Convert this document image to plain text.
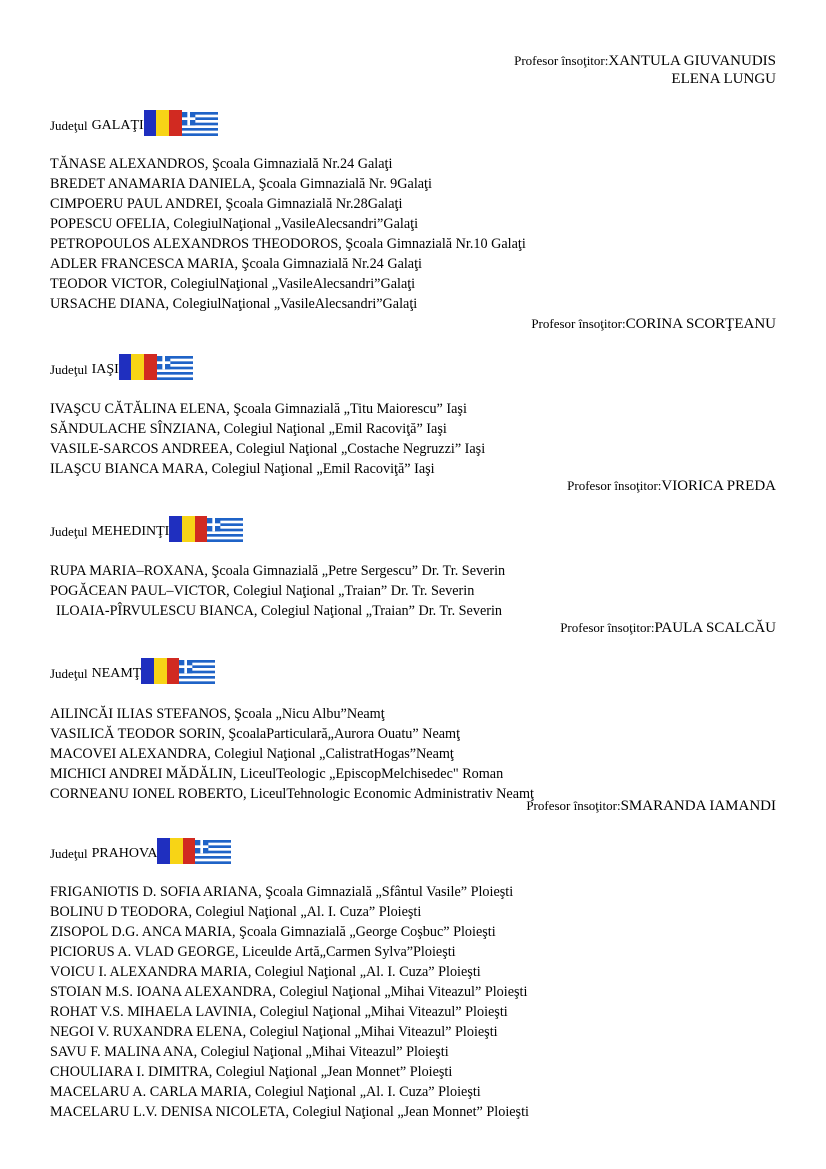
Profesor însoţitor:XANTULA GIUVANUDIS
ELENA LUNGU
Judeţul GALAŢI
TĂNASE ALEXANDROS, Şcoala Gimnazială Nr.24 Galaţi
BREDET ANAMARIA DANIELA, Şcoala Gimnazială Nr. 9Galaţi
CIMPOERU PAUL ANDREI, Şcoala Gimnazială Nr.28Galaţi
POPESCU OFELIA, ColegiulNaţional „VasileAlecsandri”Galaţi
PETROPOULOS ALEXANDROS THEODOROS, Şcoala Gimnazială Nr.10 Galaţi
ADLER FRANCESCA MARIA, Şcoala Gimnazială Nr.24 Galaţi
TEODOR VICTOR, ColegiulNaţional „VasileAlecsandri”Galaţi
URSACHE DIANA, ColegiulNaţional „VasileAlecsandri”Galaţi
Profesor însoţitor:CORINA SCORŢEANU
Judeţul IAŞI
IVAŞCU CĂTĂLINA ELENA, Şcoala Gimnazială „Titu Maiorescu” Iaşi
SĂNDULACHE SÎNZIANA, Colegiul Naţional „Emil Racoviţă” Iaşi
VASILE-SARCOS ANDREEA, Colegiul Naţional „Costache Negruzzi” Iaşi
ILAŞCU BIANCA MARA, Colegiul Naţional „Emil Racoviţă” Iaşi
Profesor însoţitor:VIORICA PREDA
Judeţul MEHEDINŢI
RUPA MARIA–ROXANA, Şcoala Gimnazială „Petre Sergescu” Dr. Tr. Severin
POGĂCEAN PAUL–VICTOR, Colegiul Naţional „Traian” Dr. Tr. Severin
ILOAIA-PÎRVULESCU BIANCA, Colegiul Naţional „Traian” Dr. Tr. Severin
Profesor însoţitor:PAULA SCALCĂU
Judeţul NEAMŢ
AILINCĂI ILIAS STEFANOS, Şcoala „Nicu Albu”Neamţ
VASILICĂ TEODOR SORIN, ŞcoalaParticulară„Aurora Ouatu” Neamţ
MACOVEI ALEXANDRA, Colegiul Naţional „CalistratHogas”Neamţ
MICHICI ANDREI MĂDĂLIN, LiceulTeologic „EpiscopMelchisedec" Roman
CORNEANU IONEL ROBERTO, LiceulTehnologic Economic Administrativ Neamţ
Profesor însoţitor:SMARANDA IAMANDI
Judeţul PRAHOVA
FRIGANIOTIS D. SOFIA ARIANA, Şcoala Gimnazială „Sfântul Vasile” Ploieşti
BOLINU D TEODORA, Colegiul Naţional „Al. I. Cuza” Ploieşti
ZISOPOL D.G. ANCA MARIA, Şcoala Gimnazială „George Coşbuc” Ploieşti
PICIORUS A. VLAD GEORGE, Liceulde Artă„Carmen Sylva”Ploieşti
VOICU I. ALEXANDRA MARIA, Colegiul Naţional „Al. I. Cuza” Ploieşti
STOIAN M.S. IOANA ALEXANDRA, Colegiul Naţional „Mihai Viteazul” Ploieşti
ROHAT V.S. MIHAELA LAVINIA, Colegiul Naţional „Mihai Viteazul” Ploieşti
NEGOI V. RUXANDRA ELENA, Colegiul Naţional „Mihai Viteazul” Ploieşti
SAVU F. MALINA ANA, Colegiul Naţional „Mihai Viteazul” Ploieşti
CHOULIARA I. DIMITRA, Colegiul Naţional „Jean Monnet” Ploieşti
MACELARU A. CARLA MARIA, Colegiul Naţional „Al. I. Cuza” Ploieşti
MACELARU L.V. DENISA NICOLETA, Colegiul Naţional „Jean Monnet” Ploieşti
